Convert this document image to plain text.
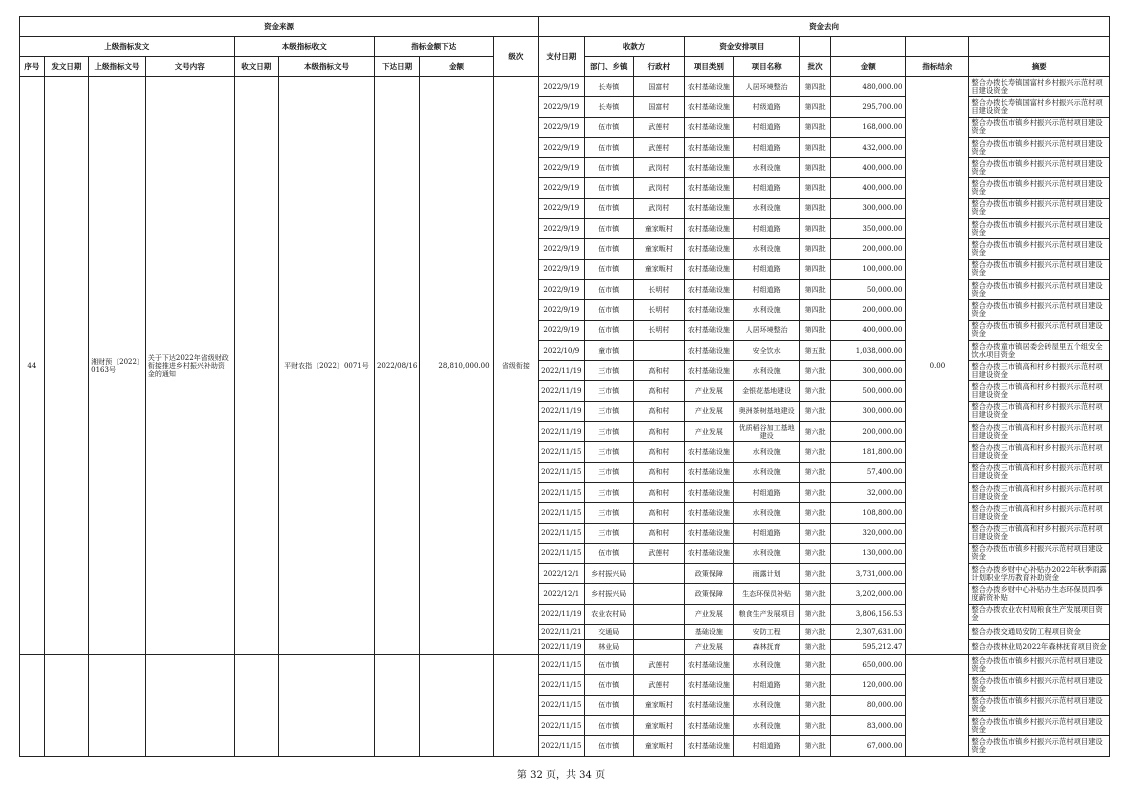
资金来源									资金去向								
上级指标发文				本级指标收文		指标金额下达		级次	支付日期	收款方		资金安排项目					
序号	发文日期	上级指标文号	文号内容	收文日期	本级指标文号	下达日期	金额			部门、乡镇	行政村	项目类别	项目名称	批次	金额	指标结余	摘要
44		湘财预〔2022〕0163号	关于下达2022年省级财政衔接推进乡村振兴补助资金的通知		平财农指〔2022〕0071号	2022/08/16	28,810,000.00	省级衔接	2022/9/19	长寿镇	国富村	农村基础设施	人居环境整治	第四批	480,000.00	0.00	整合办拨长寿镇国富村乡村振兴示范村项目建设资金
									2022/9/19	长寿镇	国富村	农村基础设施	村级道路	第四批	295,700.00		整合办拨长寿镇国富村乡村振兴示范村项目建设资金
									2022/9/19	伍市镇	武莲村	农村基础设施	村组道路	第四批	168,000.00		整合办拨伍市镇乡村振兴示范村项目建设资金
									2022/9/19	伍市镇	武莲村	农村基础设施	村组道路	第四批	432,000.00		整合办拨伍市镇乡村振兴示范村项目建设资金
									2022/9/19	伍市镇	武岗村	农村基础设施	水利设施	第四批	400,000.00		整合办拨伍市镇乡村振兴示范村项目建设资金
									2022/9/19	伍市镇	武岗村	农村基础设施	村组道路	第四批	400,000.00		整合办拨伍市镇乡村振兴示范村项目建设资金
									2022/9/19	伍市镇	武岗村	农村基础设施	水利设施	第四批	300,000.00		整合办拨伍市镇乡村振兴示范村项目建设资金
									2022/9/19	伍市镇	童家畈村	农村基础设施	村组道路	第四批	350,000.00		整合办拨伍市镇乡村振兴示范村项目建设资金
									2022/9/19	伍市镇	童家畈村	农村基础设施	水利设施	第四批	200,000.00		整合办拨伍市镇乡村振兴示范村项目建设资金
									2022/9/19	伍市镇	童家畈村	农村基础设施	村组道路	第四批	100,000.00		整合办拨伍市镇乡村振兴示范村项目建设资金
									2022/9/19	伍市镇	长明村	农村基础设施	村组道路	第四批	50,000.00		整合办拨伍市镇乡村振兴示范村项目建设资金
									2022/9/19	伍市镇	长明村	农村基础设施	水利设施	第四批	200,000.00		整合办拨伍市镇乡村振兴示范村项目建设资金
									2022/9/19	伍市镇	长明村	农村基础设施	人居环境整治	第四批	400,000.00		整合办拨伍市镇乡村振兴示范村项目建设资金
									2022/10/9	童市镇		农村基础设施	安全饮水	第五批	1,038,000.00		整合办拨童市镇居委会砖屋里五个组安全饮水项目资金
									2022/11/19	三市镇	高和村	农村基础设施	水利设施	第六批	300,000.00		整合办拨三市镇高和村乡村振兴示范村项目建设资金
									2022/11/19	三市镇	高和村	产业发展	金银花基地建设	第六批	500,000.00		整合办拨三市镇高和村乡村振兴示范村项目建设资金
									2022/11/19	三市镇	高和村	产业发展	奥洲茶树基地建设	第六批	300,000.00		整合办拨三市镇高和村乡村振兴示范村项目建设资金
									2022/11/19	三市镇	高和村	产业发展	优质稻谷加工基地建设	第六批	200,000.00		整合办拨三市镇高和村乡村振兴示范村项目建设资金
									2022/11/15	三市镇	高和村	农村基础设施	水利设施	第六批	181,800.00		整合办拨三市镇高和村乡村振兴示范村项目建设资金
									2022/11/15	三市镇	高和村	农村基础设施	水利设施	第六批	57,400.00		整合办拨三市镇高和村乡村振兴示范村项目建设资金
									2022/11/15	三市镇	高和村	农村基础设施	村组道路	第六批	32,000.00		整合办拨三市镇高和村乡村振兴示范村项目建设资金
									2022/11/15	三市镇	高和村	农村基础设施	水利设施	第六批	108,800.00		整合办拨三市镇高和村乡村振兴示范村项目建设资金
									2022/11/15	三市镇	高和村	农村基础设施	村组道路	第六批	320,000.00		整合办拨三市镇高和村乡村振兴示范村项目建设资金
									2022/11/15	伍市镇	武莲村	农村基础设施	水利设施	第六批	130,000.00		整合办拨伍市镇乡村振兴示范村项目建设资金
									2022/12/1	乡村振兴局		政策保障	雨露计划	第六批	3,731,000.00		整合办拨乡财中心补贴办2022年秋季雨露计划职业学历教育补助资金
									2022/12/1	乡村振兴局		政策保障	生态环保员补贴	第六批	3,202,000.00		整合办拨乡财中心补贴办生态环保员四季度薪资补贴
									2022/11/19	农业农村局		产业发展	粮食生产发展项目	第六批	3,806,156.53		整合办拨农业农村局粮食生产发展项目资金
									2022/11/21	交通局		基础设施	安防工程	第六批	2,307,631.00		整合办拨交通局安防工程项目资金
									2022/11/19	林业局		产业发展	森林抚育	第六批	595,212.47		整合办拨林业局2022年森林抚育项目资金
									2022/11/15	伍市镇	武莲村	农村基础设施	水利设施	第六批	650,000.00		整合办拨伍市镇乡村振兴示范村项目建设资金
									2022/11/15	伍市镇	武莲村	农村基础设施	村组道路	第六批	120,000.00		整合办拨伍市镇乡村振兴示范村项目建设资金
									2022/11/15	伍市镇	童家畈村	农村基础设施	水利设施	第六批	80,000.00		整合办拨伍市镇乡村振兴示范村项目建设资金
									2022/11/15	伍市镇	童家畈村	农村基础设施	水利设施	第六批	83,000.00		整合办拨伍市镇乡村振兴示范村项目建设资金
									2022/11/15	伍市镇	童家畈村	农村基础设施	村组道路	第六批	67,000.00		整合办拨伍市镇乡村振兴示范村项目建设资金
第 32 页，共 34 页
